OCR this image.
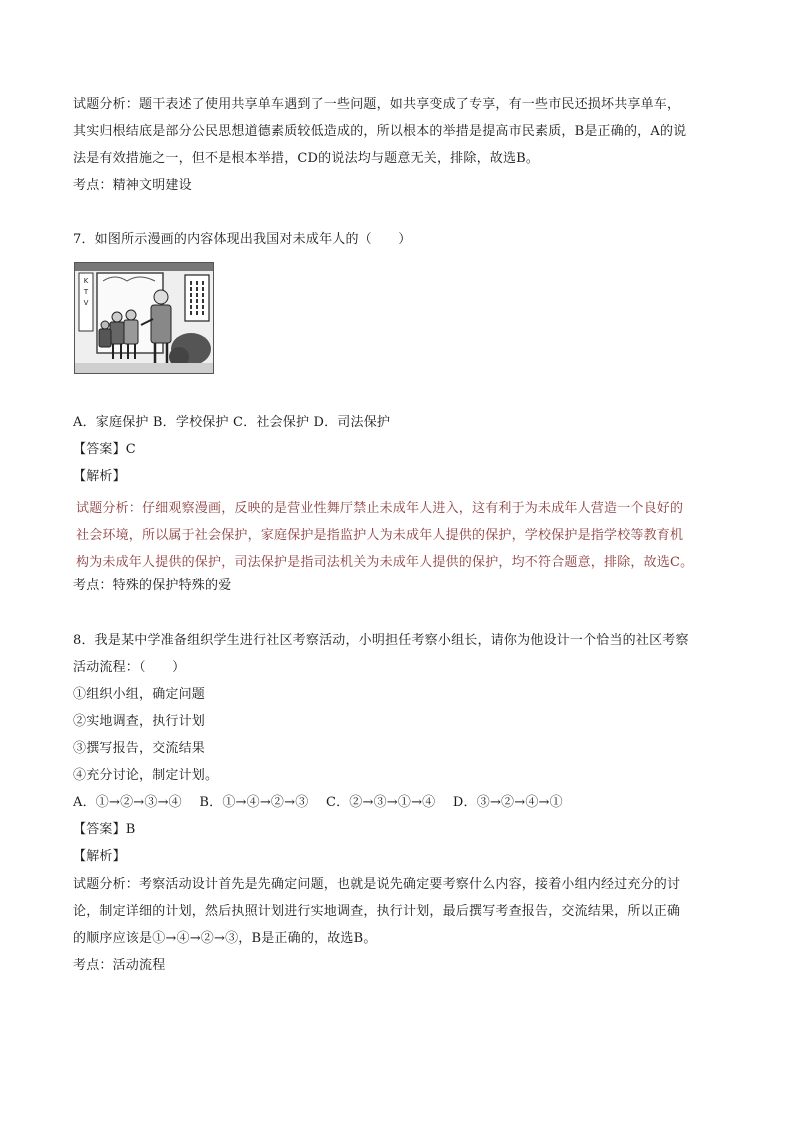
试题分析：题干表述了使用共享单车遇到了一些问题，如共享变成了专享，有一些市民还损坏共享单车，
其实归根结底是部分公民思想道德素质较低造成的，所以根本的举措是提高市民素质，B是正确的，A的说
法是有效措施之一，但不是根本举措，CD的说法均与题意无关，排除，故选B。
考点：精神文明建设
7．如图所示漫画的内容体现出我国对未成年人的（　　）
K
T
V
A．家庭保护 B．学校保护 C．社会保护 D．司法保护
【答案】C
【解析】
试题分析：仔细观察漫画，反映的是营业性舞厅禁止未成年人进入，这有利于为未成年人营造一个良好的
社会环境，所以属于社会保护，家庭保护是指监护人为未成年人提供的保护，学校保护是指学校等教育机
构为未成年人提供的保护，司法保护是指司法机关为未成年人提供的保护，均不符合题意，排除，故选C。
考点：特殊的保护特殊的爱
8．我是某中学准备组织学生进行社区考察活动，小明担任考察小组长，请你为他设计一个恰当的社区考察
活动流程：（　　）
①组织小组，确定问题
②实地调查，执行计划
③撰写报告，交流结果
④充分讨论，制定计划。
A．①→②→③→④　 B．①→④→②→③　 C．②→③→①→④　 D．③→②→④→①
【答案】B
【解析】
试题分析：考察活动设计首先是先确定问题，也就是说先确定要考察什么内容，接着小组内经过充分的讨
论，制定详细的计划，然后执照计划进行实地调查，执行计划，最后撰写考查报告，交流结果，所以正确
的顺序应该是①→④→②→③，B是正确的，故选B。
考点：活动流程
